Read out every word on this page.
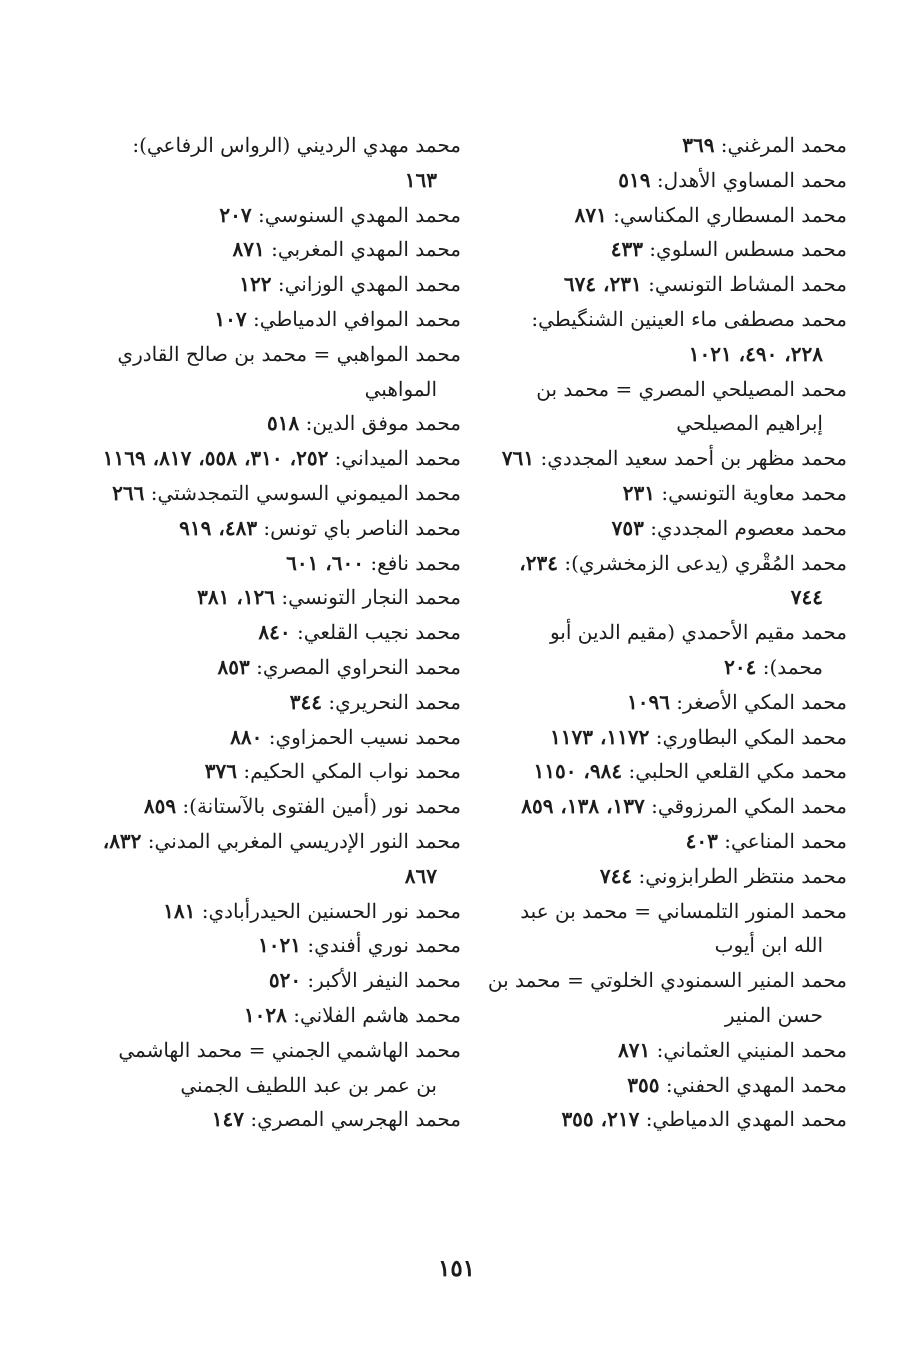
محمد المرغني: ٣٦٩
محمد المساوي الأهدل: ٥١٩
محمد المسطاري المكناسي: ٨٧١
محمد مسطس السلوي: ٤٣٣
محمد المشاط التونسي: ٢٣١، ٦٧٤
محمد مصطفى ماء العينين الشنگيطي: ٢٢٨، ٤٩٠، ١٠٢١
محمد المصيلحي المصري = محمد بن إبراهيم المصيلحي
محمد مظهر بن أحمد سعيد المجددي: ٧٦١
محمد معاوية التونسي: ٢٣١
محمد معصوم المجددي: ٧٥٣
محمد المُقْري (يدعى الزمخشري): ٢٣٤، ٧٤٤
محمد مقيم الأحمدي (مقيم الدين أبو محمد): ٢٠٤
محمد المكي الأصغر: ١٠٩٦
محمد المكي البطاوري: ١١٧٢، ١١٧٣
محمد مكي القلعي الحلبي: ٩٨٤، ١١٥٠
محمد المكي المرزوقي: ١٣٧، ١٣٨، ٨٥٩
محمد المناعي: ٤٠٣
محمد منتظر الطرابزوني: ٧٤٤
محمد المنور التلمساني = محمد بن عبد الله ابن أيوب
محمد المنير السمنودي الخلوتي = محمد بن حسن المنير
محمد المنيني العثماني: ٨٧١
محمد المهدي الحفني: ٣٥٥
محمد المهدي الدمياطي: ٢١٧، ٣٥٥
محمد مهدي الرديني (الرواس الرفاعي): ١٦٣
محمد المهدي السنوسي: ٢٠٧
محمد المهدي المغربي: ٨٧١
محمد المهدي الوزاني: ١٢٢
محمد الموافي الدمياطي: ١٠٧
محمد المواهبي = محمد بن صالح القادري المواهبي
محمد موفق الدين: ٥١٨
محمد الميداني: ٢٥٢، ٣١٠، ٥٥٨، ٨١٧، ١١٦٩
محمد الميموني السوسي التمجدشتي: ٢٦٦
محمد الناصر باي تونس: ٤٨٣، ٩١٩
محمد نافع: ٦٠٠، ٦٠١
محمد النجار التونسي: ١٢٦، ٣٨١
محمد نجيب القلعي: ٨٤٠
محمد النحراوي المصري: ٨٥٣
محمد النحريري: ٣٤٤
محمد نسيب الحمزاوي: ٨٨٠
محمد نواب المكي الحكيم: ٣٧٦
محمد نور (أمين الفتوى بالآستانة): ٨٥٩
محمد النور الإدريسي المغربي المدني: ٨٣٢، ٨٦٧
محمد نور الحسنين الحيدرأبادي: ١٨١
محمد نوري أفندي: ١٠٢١
محمد النيفر الأكبر: ٥٢٠
محمد هاشم الفلاني: ١٠٢٨
محمد الهاشمي الجمني = محمد الهاشمي بن عمر بن عبد اللطيف الجمني
محمد الهجرسي المصري: ١٤٧
١٥١
